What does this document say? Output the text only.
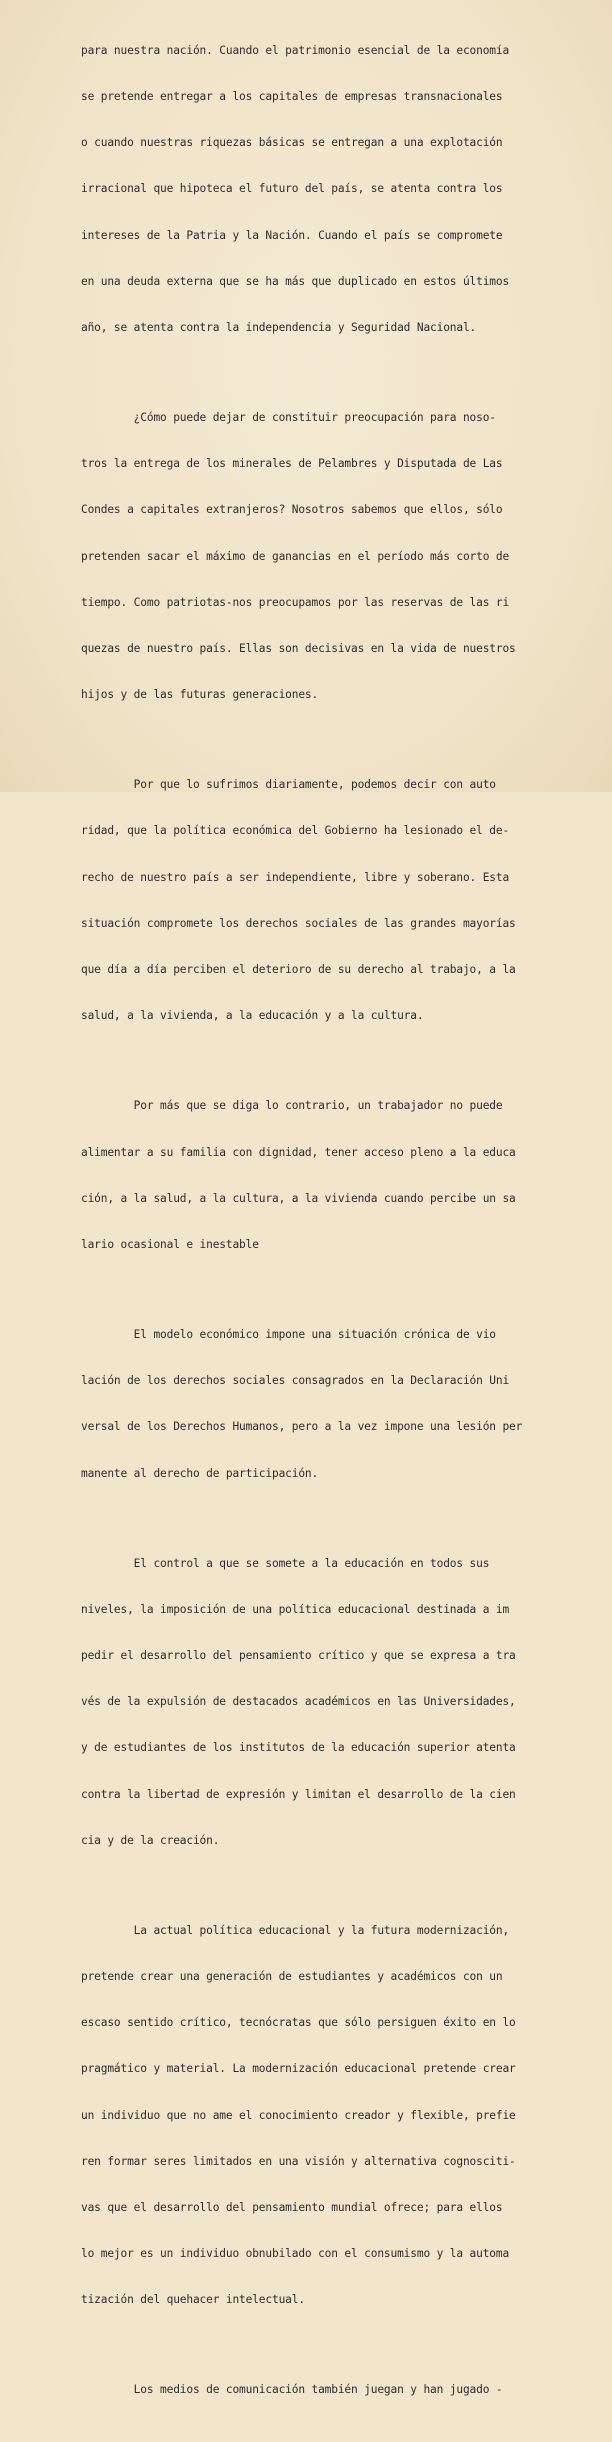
para nuestra nación. Cuando el patrimonio esencial de la economía

se pretende entregar a los capitales de empresas transnacionales

o cuando nuestras riquezas básicas se entregan a una explotación

irracional que hipoteca el futuro del país, se atenta contra los

intereses de la Patria y la Nación. Cuando el país se compromete

en una deuda externa que se ha más que duplicado en estos últimos

año, se atenta contra la independencia y Seguridad Nacional.

¿Cómo puede dejar de constituir preocupación para noso-

tros la entrega de los minerales de Pelambres y Disputada de Las

Condes a capitales extranjeros? Nosotros sabemos que ellos, sólo

pretenden sacar el máximo de ganancias en el período más corto de

tiempo. Como patriotas-nos preocupamos por las reservas de las ri

quezas de nuestro país. Ellas son decisivas en la vida de nuestros

hijos y de las futuras generaciones.

Por que lo sufrimos diariamente, podemos decir con auto

ridad, que la política económica del Gobierno ha lesionado el de-

recho de nuestro país a ser independiente, libre y soberano. Esta

situación compromete los derechos sociales de las grandes mayorías

que día a día perciben el deterioro de su derecho al trabajo, a la

salud, a la vivienda, a la educación y a la cultura.

Por más que se diga lo contrario, un trabajador no puede

alimentar a su familia con dignidad, tener acceso pleno a la educa

ción, a la salud, a la cultura, a la vivienda cuando percibe un sa

lario ocasional e inestable

El modelo económico impone una situación crónica de vio

lación de los derechos sociales consagrados en la Declaración Uni

versal de los Derechos Humanos, pero a la vez impone una lesión per

manente al derecho de participación.

El control a que se somete a la educación en todos sus

niveles, la imposición de una política educacional destinada a im

pedir el desarrollo del pensamiento crítico y que se expresa a tra

vés de la expulsión de destacados académicos en las Universidades,

y de estudiantes de los institutos de la educación superior atenta

contra la libertad de expresión y limitan el desarrollo de la cien

cia y de la creación.

La actual política educacional y la futura modernización,

pretende crear una generación de estudiantes y académicos con un

escaso sentido crítico, tecnócratas que sólo persiguen éxito en lo

pragmático y material. La modernización educacional pretende crear

un individuo que no ame el conocimiento creador y flexible, prefie

ren formar seres limitados en una visión y alternativa cognosciti-

vas que el desarrollo del pensamiento mundial ofrece; para ellos

lo mejor es un individuo obnubilado con el consumismo y la automa

tización del quehacer intelectual.

Los medios de comunicación también juegan y han jugado -
